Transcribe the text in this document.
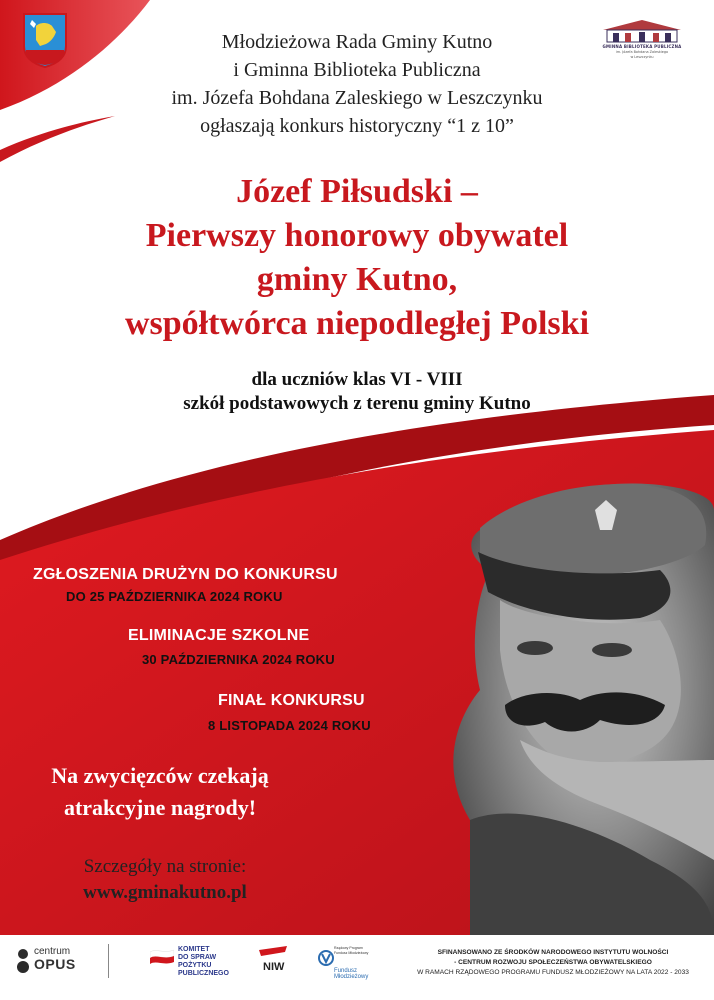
GMINNA BIBLIOTEKA PUBLICZNA
im. Józefa Bohdana Zaleskiego
w Leszczynku
Młodzieżowa Rada Gminy Kutno
i Gminna Biblioteka Publiczna
im. Józefa Bohdana Zaleskiego w Leszczynku
ogłaszają konkurs historyczny “1 z 10”
Józef Piłsudski –
Pierwszy honorowy obywatel
gminy Kutno,
współtwórca niepodległej Polski
dla uczniów klas VI - VIII
szkół podstawowych z terenu gminy Kutno
ZGŁOSZENIA DRUŻYN DO KONKURSU
DO 25 PAŹDZIERNIKA 2024 ROKU
ELIMINACJE SZKOLNE
30 PAŹDZIERNIKA 2024 ROKU
FINAŁ KONKURSU
8 LISTOPADA 2024 ROKU
Na zwycięzców czekają
atrakcyjne nagrody!
Szczegóły na stronie:
www.gminakutno.pl
centrum
OPUS
KOMITET
DO SPRAW
POŻYTKU
PUBLICZNEGO
NIW
Rządowy Program Fundusz Młodzieżowy
Fundusz
Młodzieżowy
SFINANSOWANO ZE ŚRODKÓW NARODOWEGO INSTYTUTU WOLNOŚCI
- CENTRUM ROZWOJU SPOŁECZEŃSTWA OBYWATELSKIEGO
W RAMACH RZĄDOWEGO PROGRAMU FUNDUSZ MŁODZIEŻOWY NA LATA 2022 - 2033
